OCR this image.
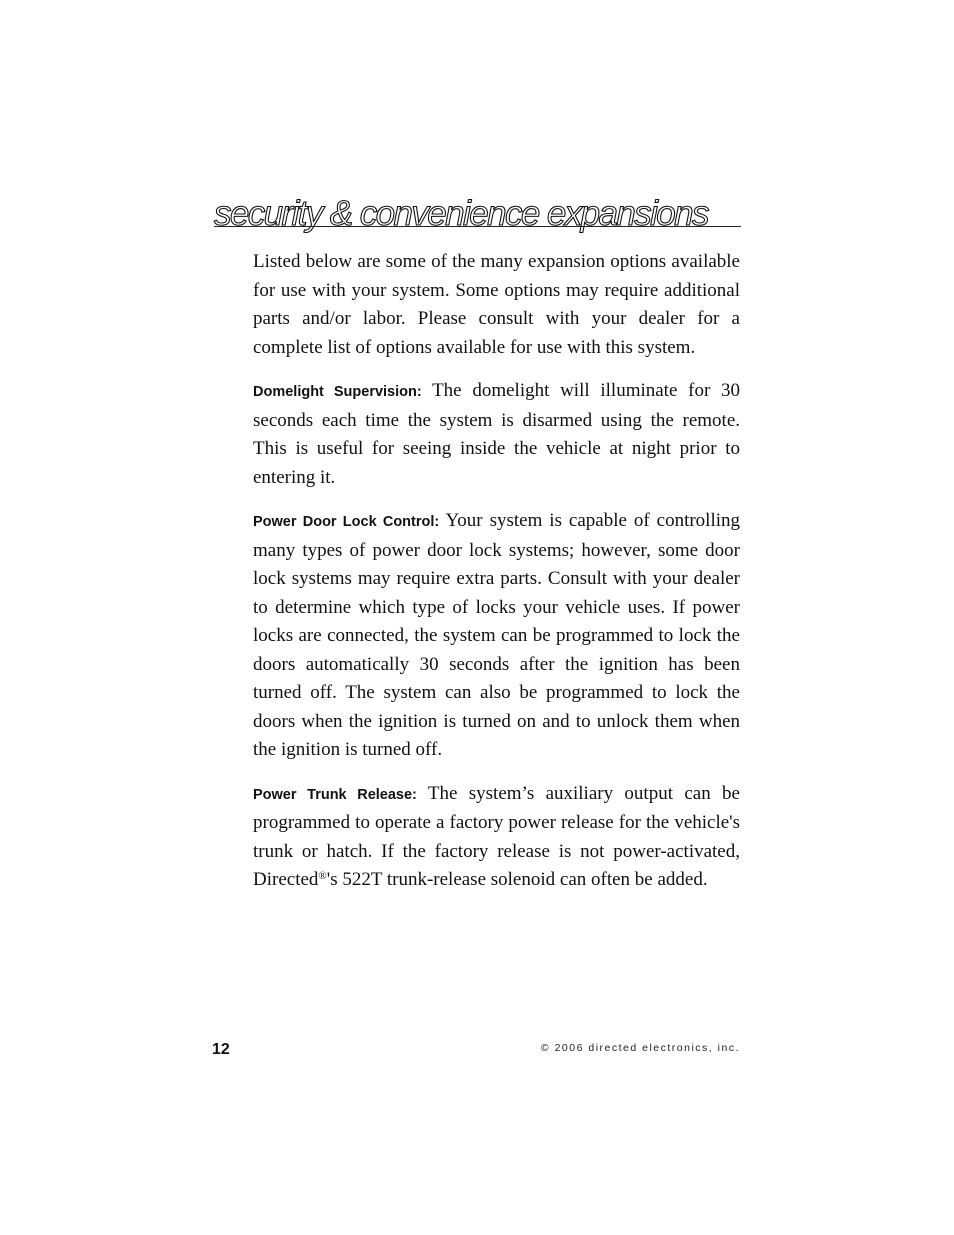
security & convenience expansions

Listed below are some of the many expansion options available for use with your system. Some options may require additional parts and/or labor. Please consult with your dealer for a complete list of options available for use with this system.

Domelight Supervision: The domelight will illuminate for 30 seconds each time the system is disarmed using the remote. This is useful for seeing inside the vehicle at night prior to entering it.

Power Door Lock Control: Your system is capable of controlling many types of power door lock systems; however, some door lock systems may require extra parts. Consult with your dealer to determine which type of locks your vehicle uses. If power locks are connected, the system can be programmed to lock the doors automatically 30 seconds after the ignition has been turned off. The system can also be programmed to lock the doors when the ignition is turned on and to unlock them when the ignition is turned off.

Power Trunk Release: The system’s auxiliary output can be programmed to operate a factory power release for the vehicle's trunk or hatch. If the factory release is not power-activated, Directed®'s 522T trunk-release solenoid can often be added.

12	© 2006 directed electronics, inc.
